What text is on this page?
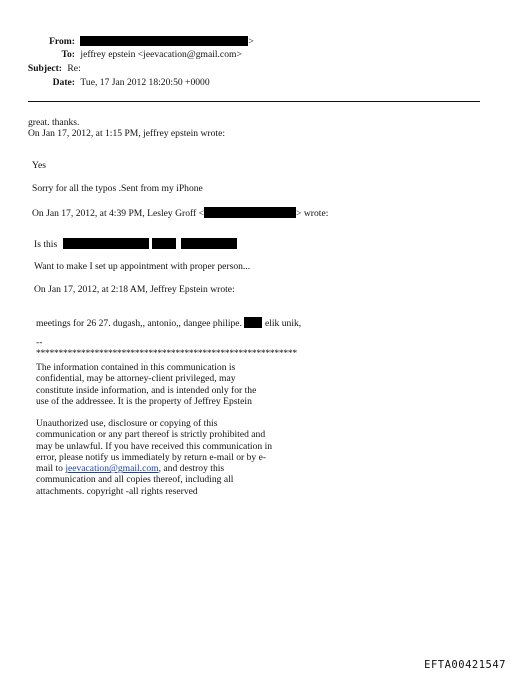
From:	>
To: jeffrey epstein <jeevacation@gmail.com>
Subject: Re:
Date: Tue, 17 Jan 2012 18:20:50 +0000
great. thanks.
On Jan 17, 2012, at 1:15 PM, jeffrey epstein wrote:
Yes
Sorry for all the typos .Sent from my iPhone
On Jan 17, 2012, at 4:39 PM, Lesley Groff <	> wrote:
Is this
Want to make I set up appointment with proper person...
On Jan 17, 2012, at 2:18 AM, Jeffrey Epstein wrote:
meetings for 26 27. dugash,, antonio,, dangee philipe. elik unik,
--
**********************************************************
The information contained in this communication is confidential, may be attorney-client privileged, may constitute inside information, and is intended only for the use of the addressee. It is the property of Jeffrey Epstein
Unauthorized use, disclosure or copying of this communication or any part thereof is strictly prohibited and may be unlawful. If you have received this communication in error, please notify us immediately by return e-mail or by e-mail to jeevacation@gmail.com, and destroy this communication and all copies thereof, including all attachments. copyright -all rights reserved
EFTA00421547
